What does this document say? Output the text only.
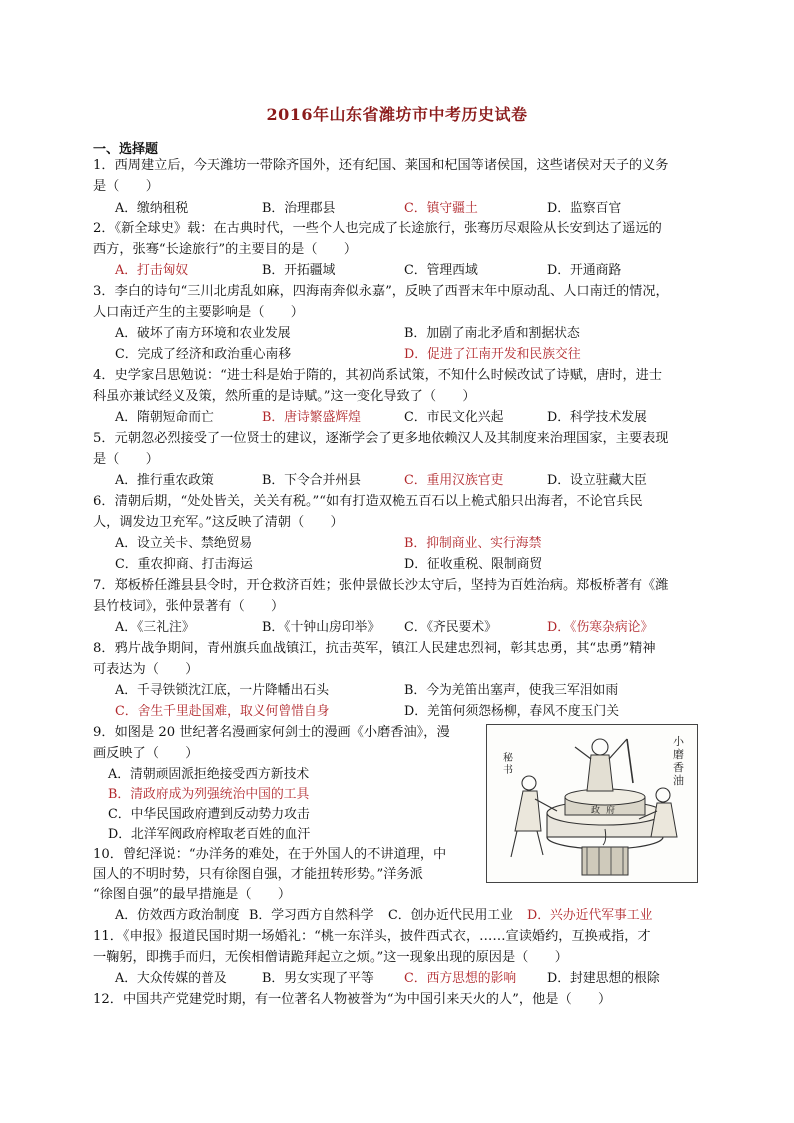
2016年山东省潍坊市中考历史试卷
一、选择题
1．西周建立后，今天潍坊一带除齐国外，还有纪国、莱国和杞国等诸侯国，这些诸侯对天子的义务
是（　　）
A．缴纳租税	B．治理郡县	C．镇守疆土	D．监察百官
2．《新全球史》载：在古典时代，一些个人也完成了长途旅行，张骞历尽艰险从长安到达了遥远的
西方，张骞“长途旅行”的主要目的是（　　）
A．打击匈奴	B．开拓疆域	C．管理西域	D．开通商路
3．李白的诗句“三川北虏乱如麻，四海南奔似永嘉”，反映了西晋末年中原动乱、人口南迁的情况，
人口南迁产生的主要影响是（　　）
A．破坏了南方环境和农业发展	B．加剧了南北矛盾和割据状态
C．完成了经济和政治重心南移	D．促进了江南开发和民族交往
4．史学家吕思勉说：“进士科是始于隋的，其初尚系试策，不知什么时候改试了诗赋，唐时，进士
科虽亦兼试经义及策，然所重的是诗赋。”这一变化导致了（　　）
A．隋朝短命而亡	B．唐诗繁盛辉煌	C．市民文化兴起	D．科学技术发展
5．元朝忽必烈接受了一位贤士的建议，逐渐学会了更多地依赖汉人及其制度来治理国家，主要表现
是（　　）
A．推行重农政策	B．下令合并州县	C．重用汉族官吏	D．设立驻藏大臣
6．清朝后期，“处处皆关，关关有税。”“如有打造双桅五百石以上桅式船只出海者，不论官兵民
人，调发边卫充军。”这反映了清朝（　　）
A．设立关卡、禁绝贸易	B．抑制商业、实行海禁
C．重农抑商、打击海运	D．征收重税、限制商贸
7．郑板桥任潍县县令时，开仓救济百姓；张仲景做长沙太守后，坚持为百姓治病。郑板桥著有《潍
县竹枝词》，张仲景著有（　　）
A．《三礼注》	B．《十钟山房印举》 C．《齐民要术》	D．《伤寒杂病论》
8．鸦片战争期间，青州旗兵血战镇江，抗击英军，镇江人民建忠烈祠，彰其忠勇，其“忠勇”精神
可表达为（　　）
A．千寻铁锁沈江底，一片降幡出石头	B．今为羌笛出塞声，使我三军泪如雨
C．舍生千里赴国难，取义何曾惜自身	D．羌笛何须怨杨柳，春风不度玉门关
9．如图是 20 世纪著名漫画家何剑士的漫画《小磨香油》，漫
画反映了（　　）
A．清朝顽固派拒绝接受西方新技术
B．清政府成为列强统治中国的工具
C．中华民国政府遭到反动势力攻击
D．北洋军阀政府榨取老百姓的血汗
小磨香油
秘书
政府
10．曾纪泽说：“办洋务的难处，在于外国人的不讲道理，中
国人的不明时势，只有徐图自强，才能扭转形势。”洋务派
“徐图自强”的最早措施是（　　）
A．仿效西方政治制度 B．学习西方自然科学 C．创办近代民用工业 D．兴办近代军事工业
11．《申报》报道民国时期一场婚礼：“桃一东洋头，披件西式衣，……宣读婚约，互换戒指，才
一鞠躬，即携手而归，无俟相僧请跪拜起立之烦。”这一现象出现的原因是（　　）
A．大众传媒的普及	B．男女实现了平等 C．西方思想的影响 D．封建思想的根除
12．中国共产党建党时期，有一位著名人物被誉为“为中国引来天火的人”，他是（　　）
